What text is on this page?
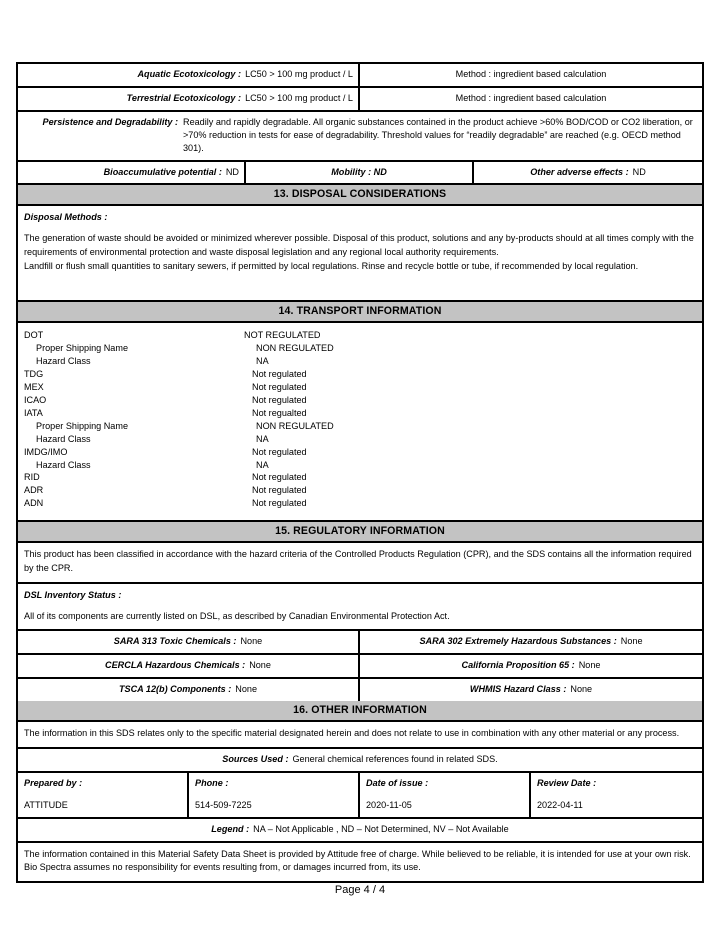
Aquatic Ecotoxicology : LC50 > 100 mg product / L	Method : ingredient based calculation
Terrestrial Ecotoxicology : LC50 > 100 mg product / L	Method : ingredient based calculation
Persistence and Degradability : Readily and rapidly degradable. All organic substances contained in the product achieve >60% BOD/COD or CO2 liberation, or >70% reduction in tests for ease of degradability. Threshold values for “readily degradable” are reached (e.g. OECD method 301).
Bioaccumulative potential : ND	Mobility : ND	Other adverse effects : ND
13. DISPOSAL CONSIDERATIONS

Disposal Methods :

The generation of waste should be avoided or minimized wherever possible. Disposal of this product, solutions and any by-products should at all times comply with the requirements of environmental protection and waste disposal legislation and any regional local authority requirements.

Landfill or flush small quantities to sanitary sewers, if permitted by local regulations. Rinse and recycle bottle or tube, if recommended by local regulation.

14. TRANSPORT INFORMATION
DOT	NOT REGULATED
Proper Shipping Name	NON REGULATED
Hazard Class	NA
TDG	Not regulated
MEX	Not regulated
ICAO	Not regulated
IATA	Not regualted
Proper Shipping Name	NON REGULATED
Hazard Class	NA
IMDG/IMO	Not regulated
Hazard Class	NA
RID	Not regulated
ADR	Not regulated
ADN	Not regulated
15. REGULATORY INFORMATION

This product has been classified in accordance with the hazard criteria of the Controlled Products Regulation (CPR), and the SDS contains all the information required by the CPR.

DSL Inventory Status :

All of its components are currently listed on DSL, as described by Canadian Environmental Protection Act.

SARA 313 Toxic Chemicals : None	SARA 302 Extremely Hazardous Substances : None
CERCLA Hazardous Chemicals : None	California Proposition 65 : None
TSCA 12(b) Components : None	WHMIS Hazard Class : None
16. OTHER INFORMATION

The information in this SDS relates only to the specific material designated herein and does not relate to use in combination with any other material or any process.

Sources Used : General chemical references found in related SDS.
Prepared by :
ATTITUDE
Phone :
514-509-7225
Date of issue :
2020-11-05
Review Date :
2022-04-11
Legend : NA – Not Applicable , ND – Not Determined, NV – Not Available

The information contained in this Material Safety Data Sheet is provided by Attitude free of charge. While believed to be reliable, it is intended for use at your own risk. Bio Spectra assumes no responsibility for events resulting from, or damages incurred from, its use.

Page 4 / 4
